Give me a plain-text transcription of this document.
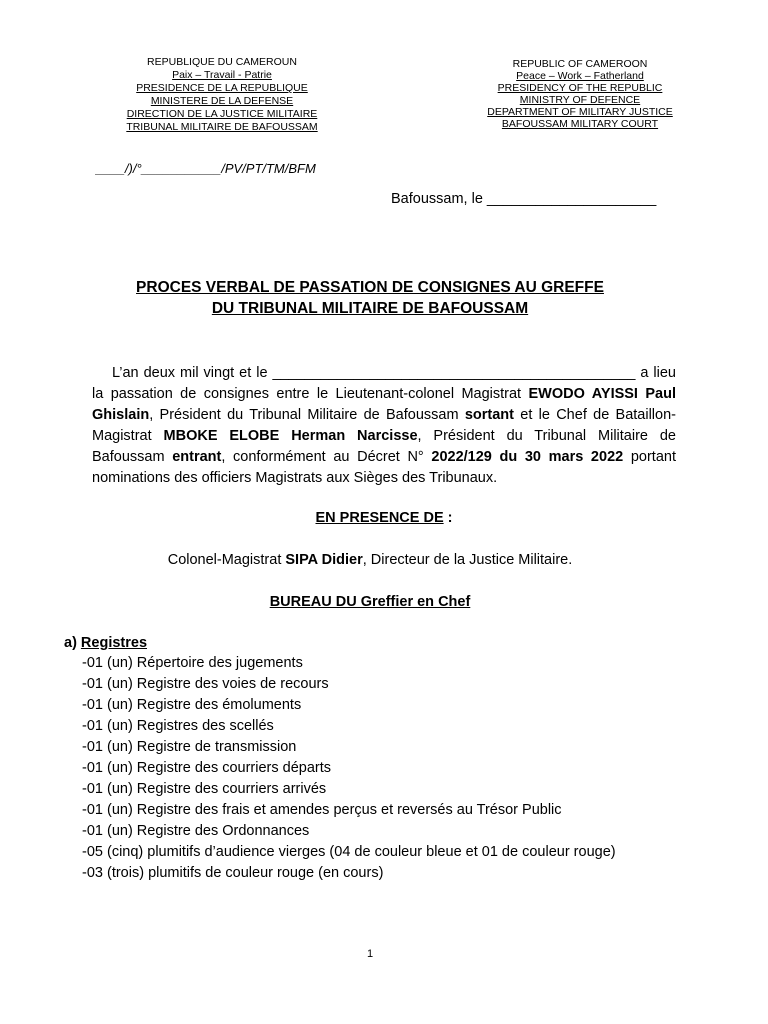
REPUBLIQUE DU CAMEROUN
Paix – Travail - Patrie
PRESIDENCE DE LA REPUBLIQUE
MINISTERE DE LA DEFENSE
DIRECTION DE LA JUSTICE MILITAIRE
TRIBUNAL MILITAIRE DE BAFOUSSAM
REPUBLIC OF CAMEROON
Peace – Work – Fatherland
PRESIDENCY OF THE REPUBLIC
MINISTRY OF DEFENCE
DEPARTMENT OF MILITARY JUSTICE
BAFOUSSAM MILITARY COURT
____/)/°___________/PV/PT/TM/BFM
Bafoussam, le _____________________
PROCES VERBAL DE PASSATION DE CONSIGNES AU GREFFE
DU TRIBUNAL MILITAIRE DE BAFOUSSAM
L’an deux mil vingt et le _____________________________________________ a lieu la passation de consignes entre le Lieutenant-colonel Magistrat EWODO AYISSI Paul Ghislain, Président du Tribunal Militaire de Bafoussam sortant et le Chef de Bataillon-Magistrat MBOKE ELOBE Herman Narcisse, Président du Tribunal Militaire de Bafoussam entrant, conformément au Décret N° 2022/129 du 30 mars 2022 portant nominations des officiers Magistrats aux Sièges des Tribunaux.
EN PRESENCE DE :
Colonel-Magistrat SIPA Didier, Directeur de la Justice Militaire.
BUREAU DU Greffier en Chef
a) Registres
-01 (un) Répertoire des jugements
-01 (un) Registre des voies de recours
-01 (un) Registre des émoluments
-01 (un) Registres des scellés
-01 (un) Registre de transmission
-01 (un) Registre des courriers départs
-01 (un) Registre des courriers arrivés
-01 (un) Registre des frais et amendes perçus et reversés au Trésor Public
-01 (un) Registre des Ordonnances
-05 (cinq) plumitifs d’audience vierges (04 de couleur bleue et 01 de couleur rouge)
-03 (trois) plumitifs de couleur rouge (en cours)
1
